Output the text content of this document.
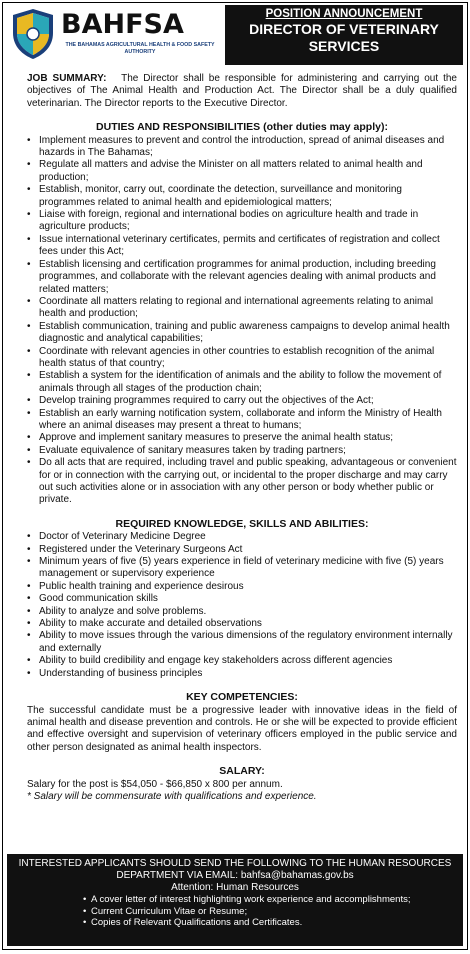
BAHFSA
THE BAHAMAS AGRICULTURAL HEALTH & FOOD SAFETY AUTHORITY
POSITION ANNOUNCEMENT
DIRECTOR OF VETERINARY
SERVICES

JOB SUMMARY: The Director shall be responsible for administering and carrying out the objectives of The Animal Health and Production Act. The Director shall be a duly qualified veterinarian. The Director reports to the Executive Director.

DUTIES AND RESPONSIBILITIES (other duties may apply):
• Implement measures to prevent and control the introduction, spread of animal diseases and hazards in The Bahamas;
• Regulate all matters and advise the Minister on all matters related to animal health and production;
• Establish, monitor, carry out, coordinate the detection, surveillance and monitoring programmes related to animal health and epidemiological matters;
• Liaise with foreign, regional and international bodies on agriculture health and trade in agriculture products;
• Issue international veterinary certificates, permits and certificates of registration and collect fees under this Act;
• Establish licensing and certification programmes for animal production, including breeding programmes, and collaborate with the relevant agencies dealing with animal products and related matters;
• Coordinate all matters relating to regional and international agreements relating to animal health and production;
• Establish communication, training and public awareness campaigns to develop animal health diagnostic and analytical capabilities;
• Coordinate with relevant agencies in other countries to establish recognition of the animal health status of that country;
• Establish a system for the identification of animals and the ability to follow the movement of animals through all stages of the production chain;
• Develop training programmes required to carry out the objectives of the Act;
• Establish an early warning notification system, collaborate and inform the Ministry of Health where an animal diseases may present a threat to humans;
• Approve and implement sanitary measures to preserve the animal health status;
• Evaluate equivalence of sanitary measures taken by trading partners;
• Do all acts that are required, including travel and public speaking, advantageous or convenient for or in connection with the carrying out, or incidental to the proper discharge and may carry out such activities alone or in association with any other person or body whether public or private.
REQUIRED KNOWLEDGE, SKILLS AND ABILITIES:
• Doctor of Veterinary Medicine Degree
• Registered under the Veterinary Surgeons Act
• Minimum years of five (5) years experience in field of veterinary medicine with five (5) years management or supervisory experience
• Public health training and experience desirous
• Good communication skills
• Ability to analyze and solve problems.
• Ability to make accurate and detailed observations
• Ability to move issues through the various dimensions of the regulatory environment internally and externally
• Ability to build credibility and engage key stakeholders across different agencies
• Understanding of business principles
KEY COMPETENCIES:

The successful candidate must be a progressive leader with innovative ideas in the field of animal health and disease prevention and controls. He or she will be expected to provide efficient and effective oversight and supervision of veterinary officers employed in the public service and other person designated as animal health inspectors.

SALARY:

Salary for the post is $54,050 - $66,850 x 800 per annum.

* Salary will be commensurate with qualifications and experience.

INTERESTED APPLICANTS SHOULD SEND THE FOLLOWING TO THE HUMAN RESOURCES
DEPARTMENT VIA EMAIL: bahfsa@bahamas.gov.bs
Attention: Human Resources
• A cover letter of interest highlighting work experience and accomplishments;
• Current Curriculum Vitae or Resume;
• Copies of Relevant Qualifications and Certificates.
